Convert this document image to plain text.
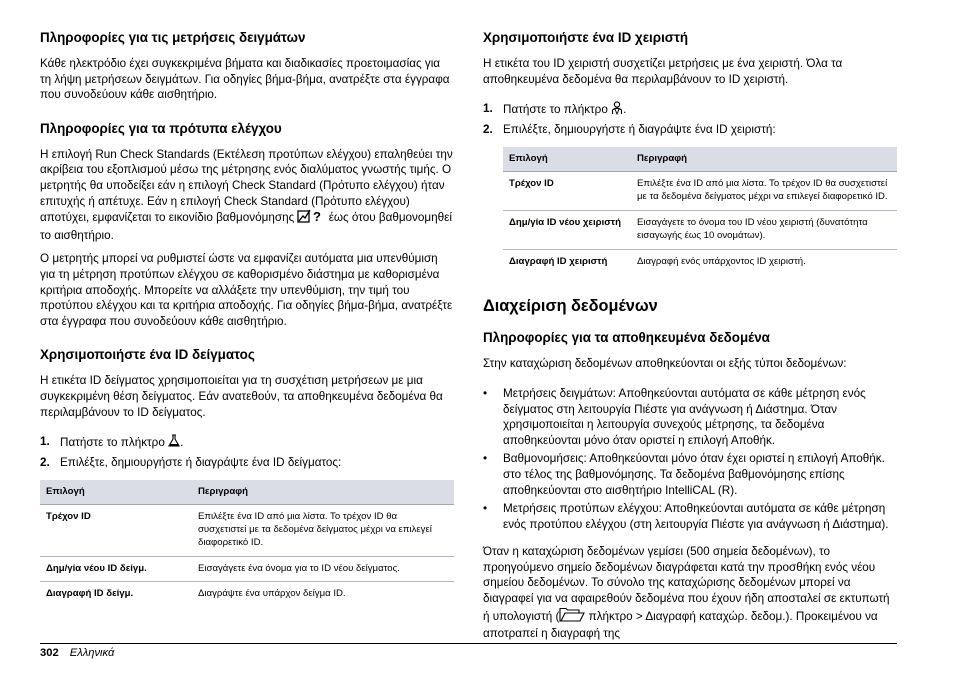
Πληροφορίες για τις μετρήσεις δειγμάτων

Κάθε ηλεκτρόδιο έχει συγκεκριμένα βήματα και διαδικασίες προετοιμασίας για τη λήψη μετρήσεων δειγμάτων. Για οδηγίες βήμα-βήμα, ανατρέξτε στα έγγραφα που συνοδεύουν κάθε αισθητήριο.

Πληροφορίες για τα πρότυπα ελέγχου

Η επιλογή Run Check Standards (Εκτέλεση προτύπων ελέγχου) επαληθεύει την ακρίβεια του εξοπλισμού μέσω της μέτρησης ενός διαλύματος γνωστής τιμής. Ο μετρητής θα υποδείξει εάν η επιλογή Check Standard (Πρότυπο ελέγχου) ήταν επιτυχής ή απέτυχε. Εάν η επιλογή Check Standard (Πρότυπο ελέγχου) αποτύχει, εμφανίζεται το εικονίδιο βαθμονόμησης ? έως ότου βαθμονομηθεί το αισθητήριο.

Ο μετρητής μπορεί να ρυθμιστεί ώστε να εμφανίζει αυτόματα μια υπενθύμιση για τη μέτρηση προτύπων ελέγχου σε καθορισμένο διάστημα με καθορισμένα κριτήρια αποδοχής. Μπορείτε να αλλάξετε την υπενθύμιση, την τιμή του προτύπου ελέγχου και τα κριτήρια αποδοχής. Για οδηγίες βήμα-βήμα, ανατρέξτε στα έγγραφα που συνοδεύουν κάθε αισθητήριο.

Χρησιμοποιήστε ένα ID δείγματος

Η ετικέτα ID δείγματος χρησιμοποιείται για τη συσχέτιση μετρήσεων με μια συγκεκριμένη θέση δείγματος. Εάν ανατεθούν, τα αποθηκευμένα δεδομένα θα περιλαμβάνουν το ID δείγματος.

1. Πατήστε το πλήκτρο .
2. Επιλέξτε, δημιουργήστε ή διαγράψτε ένα ID δείγματος:
Επιλογή	Περιγραφή
Τρέχον ID	Επιλέξτε ένα ID από μια λίστα. Το τρέχον ID θα συσχετιστεί με τα δεδομένα δείγματος μέχρι να επιλεγεί διαφορετικό ID.
Δημ/γία νέου ID δείγμ.	Εισαγάγετε ένα όνομα για το ID νέου δείγματος.
Διαγραφή ID δείγμ.	Διαγράψτε ένα υπάρχον δείγμα ID.
Χρησιμοποιήστε ένα ID χειριστή

Η ετικέτα του ID χειριστή συσχετίζει μετρήσεις με ένα χειριστή. Όλα τα αποθηκευμένα δεδομένα θα περιλαμβάνουν το ID χειριστή.

1. Πατήστε το πλήκτρο .
2. Επιλέξτε, δημιουργήστε ή διαγράψτε ένα ID χειριστή:
Επιλογή	Περιγραφή
Τρέχον ID	Επιλέξτε ένα ID από μια λίστα. Το τρέχον ID θα συσχετιστεί με τα δεδομένα δείγματος μέχρι να επιλεγεί διαφορετικό ID.
Δημ/γία ID νέου χειριστή	Εισαγάγετε το όνομα του ID νέου χειριστή (δυνατότητα εισαγωγής έως 10 ονομάτων).
Διαγραφή ID χειριστή	Διαγραφή ενός υπάρχοντος ID χειριστή.
Διαχείριση δεδομένων
Πληροφορίες για τα αποθηκευμένα δεδομένα

Στην καταχώριση δεδομένων αποθηκεύονται οι εξής τύποι δεδομένων:

• Μετρήσεις δειγμάτων: Αποθηκεύονται αυτόματα σε κάθε μέτρηση ενός δείγματος στη λειτουργία Πιέστε για ανάγνωση ή Διάστημα. Όταν χρησιμοποιείται η λειτουργία συνεχούς μέτρησης, τα δεδομένα αποθηκεύονται μόνο όταν οριστεί η επιλογή Αποθήκ.
• Βαθμονομήσεις: Αποθηκεύονται μόνο όταν έχει οριστεί η επιλογή Αποθήκ. στο τέλος της βαθμονόμησης. Τα δεδομένα βαθμονόμησης επίσης αποθηκεύονται στο αισθητήριο IntelliCAL (R).
• Μετρήσεις προτύπων ελέγχου: Αποθηκεύονται αυτόματα σε κάθε μέτρηση ενός προτύπου ελέγχου (στη λειτουργία Πιέστε για ανάγνωση ή Διάστημα).

Όταν η καταχώριση δεδομένων γεμίσει (500 σημεία δεδομένων), το προηγούμενο σημείο δεδομένων διαγράφεται κατά την προσθήκη ενός νέου σημείου δεδομένων. Το σύνολο της καταχώρισης δεδομένων μπορεί να διαγραφεί για να αφαιρεθούν δεδομένα που έχουν ήδη αποσταλεί σε εκτυπωτή ή υπολογιστή (	πλήκτρο > Διαγραφή καταχώρ. δεδομ.). Προκειμένου να αποτραπεί η διαγραφή της

302 Ελληνικά
